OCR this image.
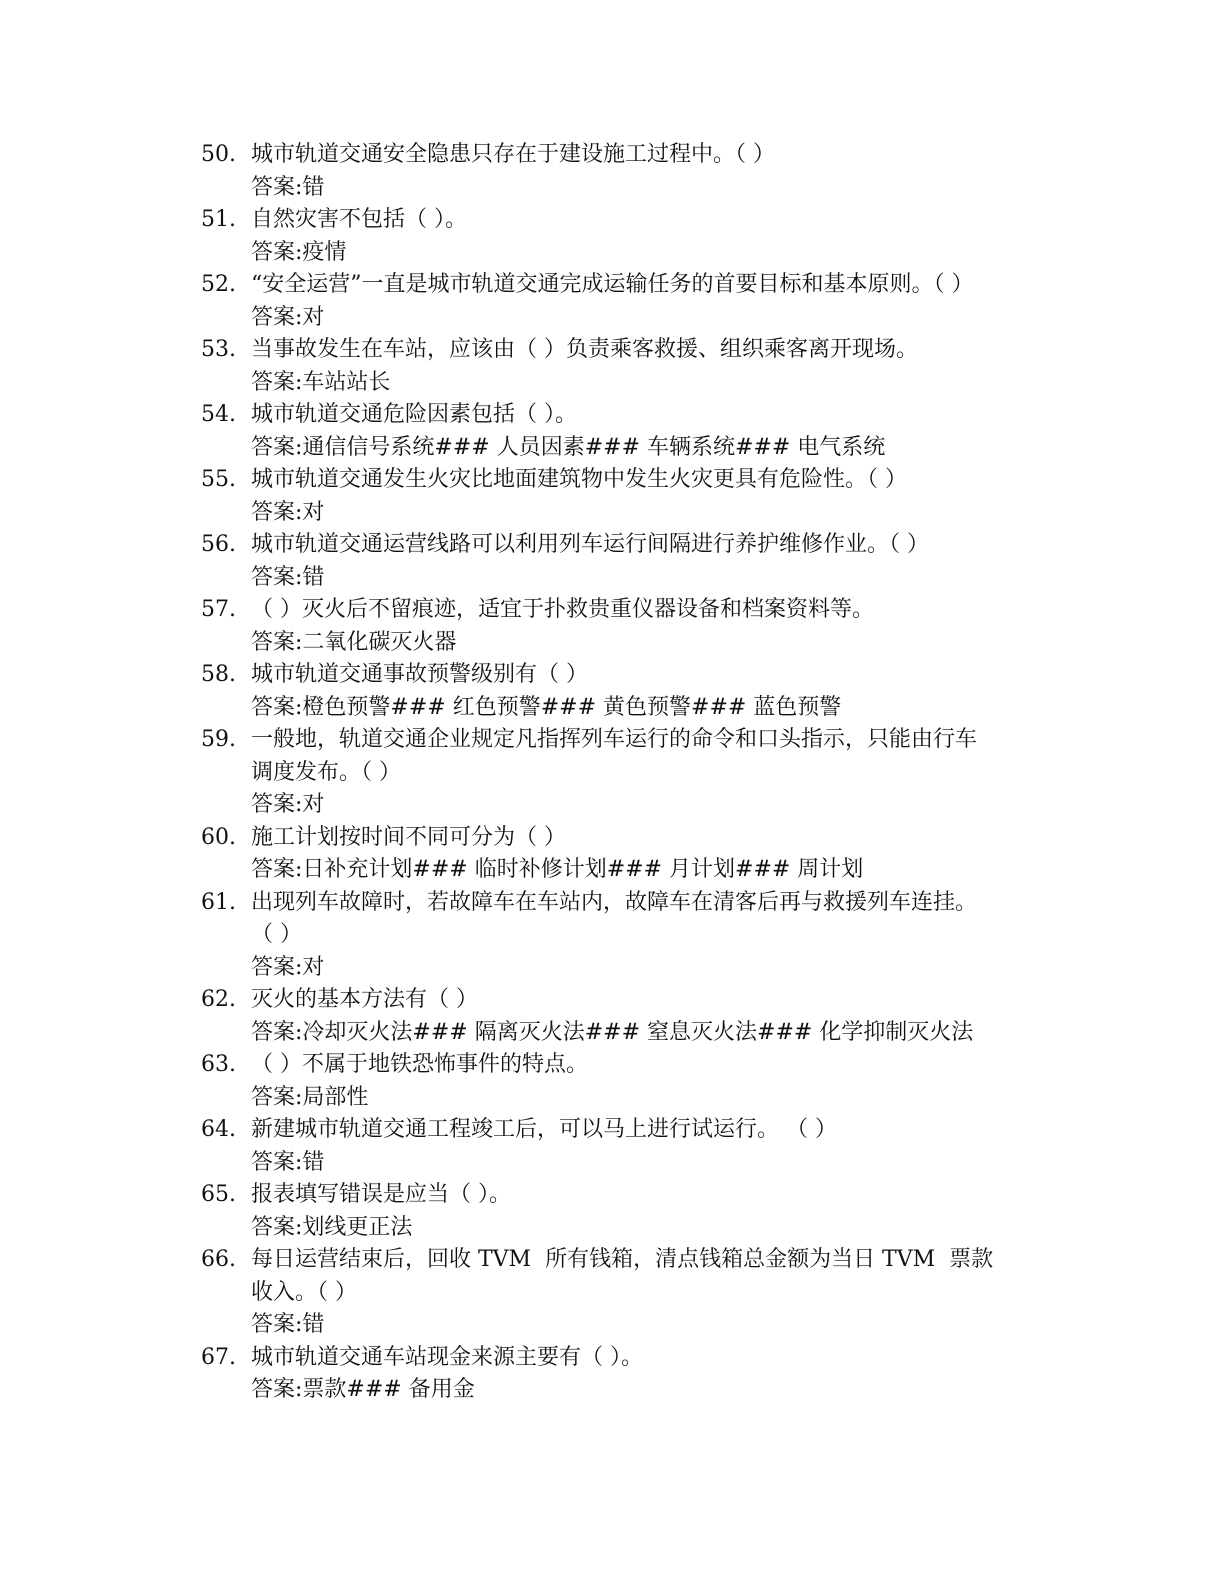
50. 城市轨道交通安全隐患只存在于建设施工过程中。（ ）
答案:错
51. 自然灾害不包括（ ）。
答案:疫情
52. “安全运营”一直是城市轨道交通完成运输任务的首要目标和基本原则。（ ）
答案:对
53. 当事故发生在车站，应该由（ ）负责乘客救援、组织乘客离开现场。
答案:车站站长
54. 城市轨道交通危险因素包括（ ）。
答案:通信信号系统### 人员因素### 车辆系统### 电气系统
55. 城市轨道交通发生火灾比地面建筑物中发生火灾更具有危险性。（ ）
答案:对
56. 城市轨道交通运营线路可以利用列车运行间隔进行养护维修作业。（ ）
答案:错
57. （ ）灭火后不留痕迹，适宜于扑救贵重仪器设备和档案资料等。
答案:二氧化碳灭火器
58. 城市轨道交通事故预警级别有（ ）
答案:橙色预警### 红色预警### 黄色预警### 蓝色预警
59. 一般地，轨道交通企业规定凡指挥列车运行的命令和口头指示，只能由行车
调度发布。（ ）
答案:对
60. 施工计划按时间不同可分为（ ）
答案:日补充计划### 临时补修计划### 月计划### 周计划
61. 出现列车故障时，若故障车在车站内，故障车在清客后再与救援列车连挂。
（ ）
答案:对
62. 灭火的基本方法有（ ）
答案:冷却灭火法### 隔离灭火法### 窒息灭火法### 化学抑制灭火法
63. （ ）不属于地铁恐怖事件的特点。
答案:局部性
64. 新建城市轨道交通工程竣工后，可以马上进行试运行。 （ ）
答案:错
65. 报表填写错误是应当（ ）。
答案:划线更正法
66. 每日运营结束后，回收 TVM  所有钱箱，清点钱箱总金额为当日 TVM  票款
收入。（ ）
答案:错
67. 城市轨道交通车站现金来源主要有（ ）。
答案:票款### 备用金
